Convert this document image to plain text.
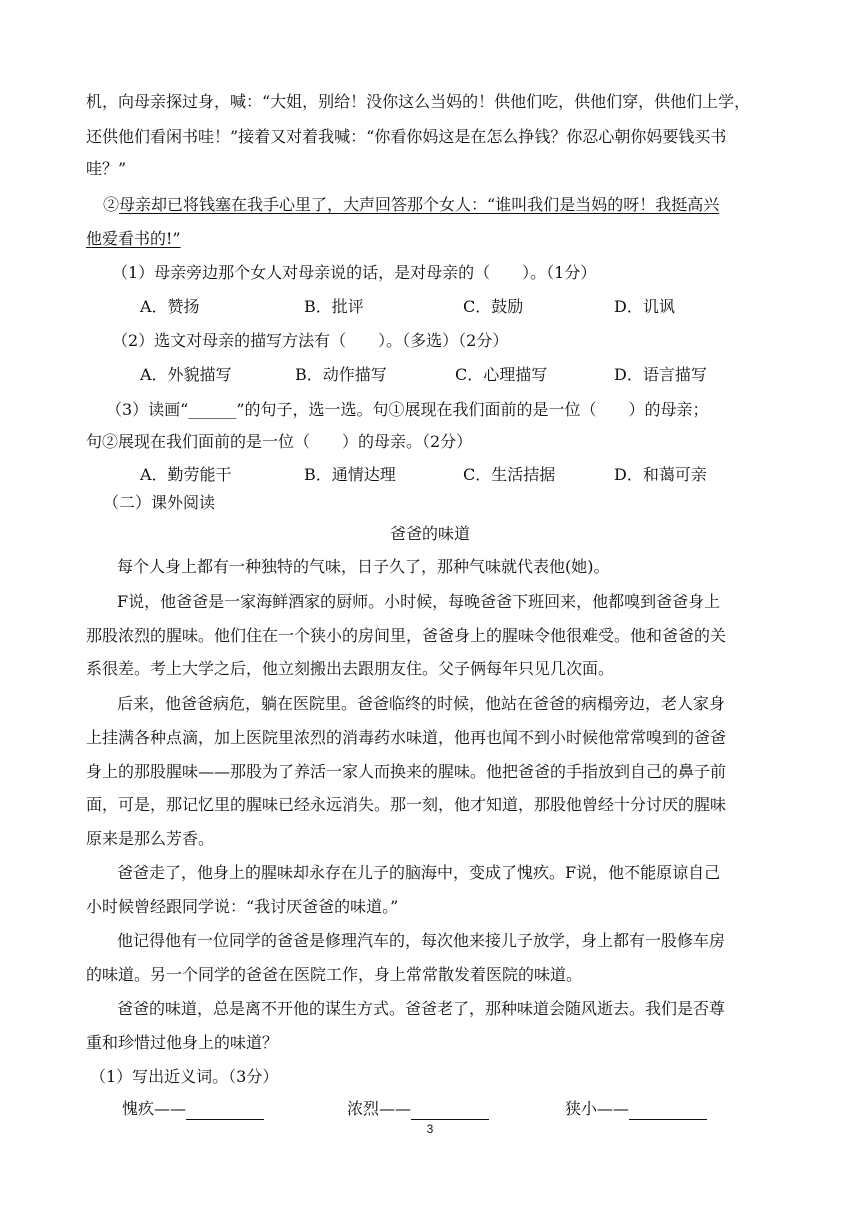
机，向母亲探过身，喊：“大姐，别给！没你这么当妈的！供他们吃，供他们穿，供他们上学，
还供他们看闲书哇！”接着又对着我喊：“你看你妈这是在怎么挣钱？你忍心朝你妈要钱买书
哇？”
②母亲却已将钱塞在我手心里了，大声回答那个女人：“谁叫我们是当妈的呀！我挺高兴
他爱看书的!”
（1）母亲旁边那个女人对母亲说的话，是对母亲的（　　）。（1分）
A．赞扬	B．批评	C．鼓励	D．讥讽
（2）选文对母亲的描写方法有（　　）。（多选）（2分）
A．外貌描写	B．动作描写	C．心理描写	D．语言描写
（3）读画“______”的句子，选一选。句①展现在我们面前的是一位（　　）的母亲；
句②展现在我们面前的是一位（　　）的母亲。（2分）
A．勤劳能干	B．通情达理	C．生活拮据	D．和蔼可亲
（二）课外阅读
爸爸的味道
每个人身上都有一种独特的气味，日子久了，那种气味就代表他(她)。
F说，他爸爸是一家海鲜酒家的厨师。小时候，每晚爸爸下班回来，他都嗅到爸爸身上
那股浓烈的腥味。他们住在一个狭小的房间里，爸爸身上的腥味令他很难受。他和爸爸的关
系很差。考上大学之后，他立刻搬出去跟朋友住。父子俩每年只见几次面。
后来，他爸爸病危，躺在医院里。爸爸临终的时候，他站在爸爸的病榻旁边，老人家身
上挂满各种点滴，加上医院里浓烈的消毒药水味道，他再也闻不到小时候他常常嗅到的爸爸
身上的那股腥味——那股为了养活一家人而换来的腥味。他把爸爸的手指放到自己的鼻子前
面，可是，那记忆里的腥味已经永远消失。那一刻，他才知道，那股他曾经十分讨厌的腥味
原来是那么芳香。
爸爸走了，他身上的腥味却永存在儿子的脑海中，变成了愧疚。F说，他不能原谅自己
小时候曾经跟同学说：“我讨厌爸爸的味道。”
他记得他有一位同学的爸爸是修理汽车的，每次他来接儿子放学，身上都有一股修车房
的味道。另一个同学的爸爸在医院工作，身上常常散发着医院的味道。
爸爸的味道，总是离不开他的谋生方式。爸爸老了，那种味道会随风逝去。我们是否尊
重和珍惜过他身上的味道？
（1）写出近义词。（3分）
愧疚——	浓烈——	狭小——
3
